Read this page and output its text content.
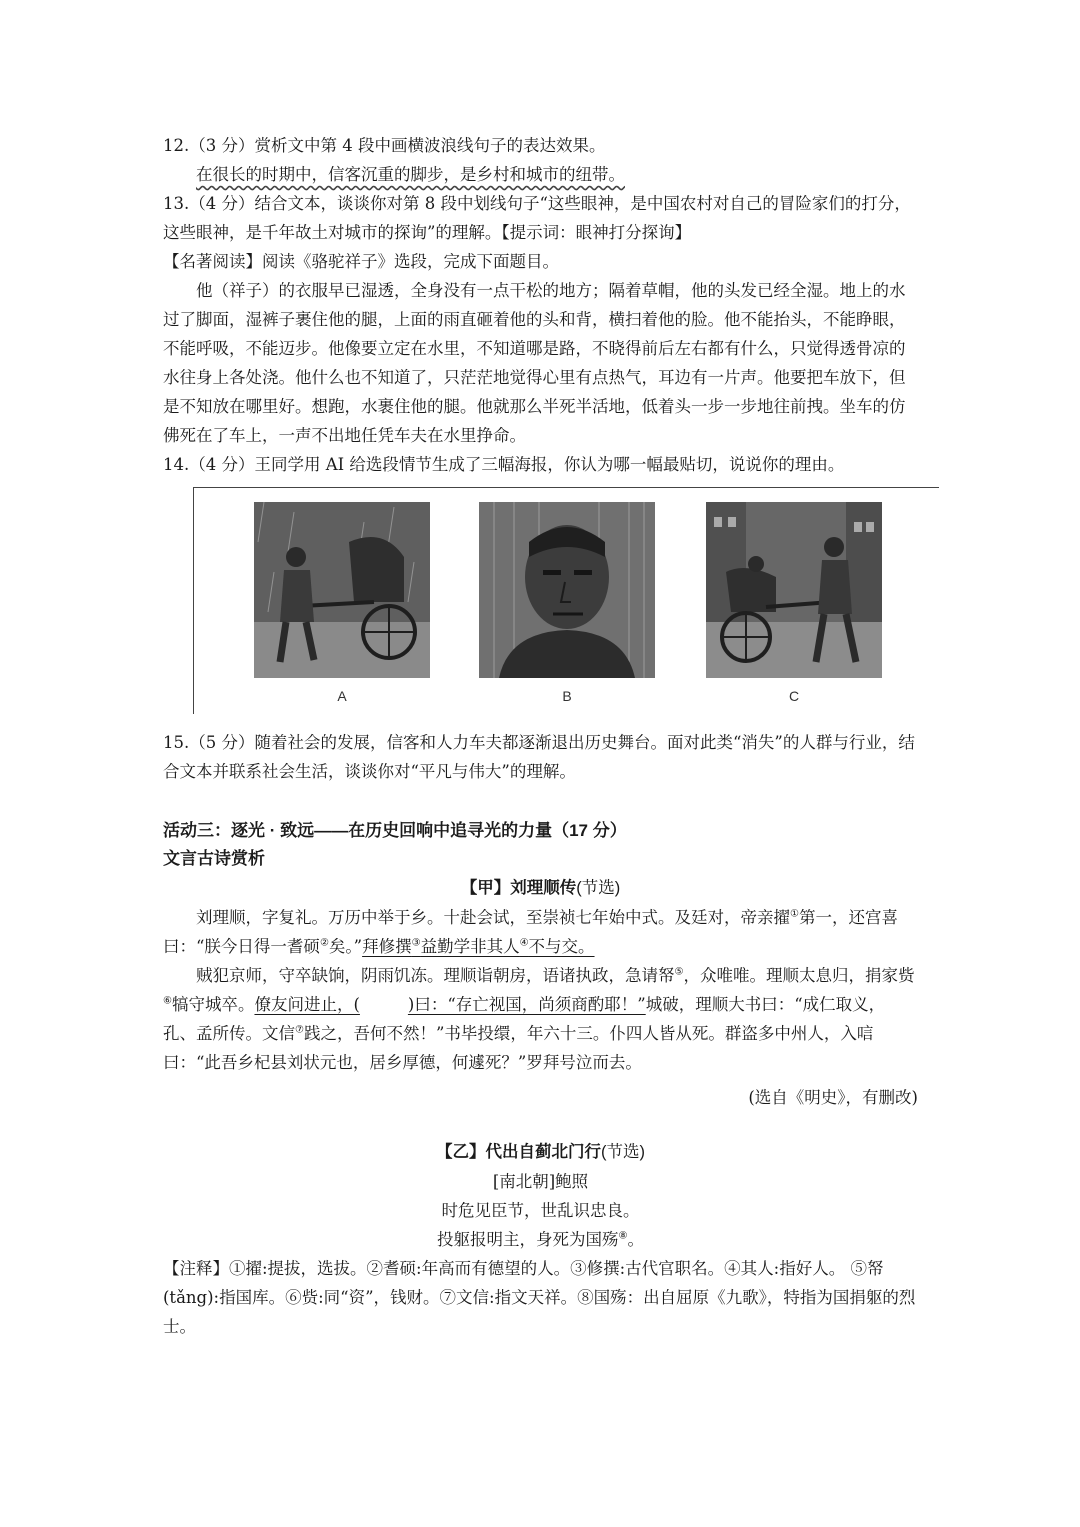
12.（3 分）赏析文中第 4 段中画横波浪线句子的表达效果。

在很长的时期中，信客沉重的脚步，是乡村和城市的纽带。

13.（4 分）结合文本，谈谈你对第 8 段中划线句子“这些眼神，是中国农村对自己的冒险家们的打分，这些眼神，是千年故土对城市的探询”的理解。【提示词：眼神打分探询】

【名著阅读】阅读《骆驼祥子》选段，完成下面题目。

他（祥子）的衣服早已湿透，全身没有一点干松的地方；隔着草帽，他的头发已经全湿。地上的水过了脚面，湿裤子裹住他的腿，上面的雨直砸着他的头和背，横扫着他的脸。他不能抬头，不能睁眼，不能呼吸，不能迈步。他像要立定在水里，不知道哪是路，不晓得前后左右都有什么，只觉得透骨凉的水往身上各处浇。他什么也不知道了，只茫茫地觉得心里有点热气，耳边有一片声。他要把车放下，但是不知放在哪里好。想跑，水裹住他的腿。他就那么半死半活地，低着头一步一步地往前拽。坐车的仿佛死在了车上，一声不出地任凭车夫在水里挣命。

14.（4 分）王同学用 AI 给选段情节生成了三幅海报，你认为哪一幅最贴切，说说你的理由。

A	B	C

15.（5 分）随着社会的发展，信客和人力车夫都逐渐退出历史舞台。面对此类“消失”的人群与行业，结合文本并联系社会生活，谈谈你对“平凡与伟大”的理解。

活动三：逐光 · 致远——在历史回响中追寻光的力量（17 分）

文言古诗赏析

【甲】刘理顺传(节选)

刘理顺，字复礼。万历中举于乡。十赴会试，至崇祯七年始中式。及廷对，帝亲擢①第一，还宫喜曰：“朕今日得一耆硕②矣。”拜修撰③益勤学非其人④不与交。

贼犯京师，守卒缺饷，阴雨饥冻。理顺诣朝房，语诸执政，急请帑⑤，众唯唯。理顺太息归，捐家赀⑥犒守城卒。僚友问进止，(	)曰：“存亡视国，尚须商酌耶！”城破，理顺大书曰：“成仁取义，孔、孟所传。文信⑦践之，吾何不然！”书毕投缳，年六十三。仆四人皆从死。群盗多中州人，入唁曰：“此吾乡杞县刘状元也，居乡厚德，何遽死？”罗拜号泣而去。

(选自《明史》，有删改)

【乙】代出自蓟北门行(节选)

[南北朝]鲍照

时危见臣节，世乱识忠良。

投躯报明主，身死为国殇⑧。

【注释】①擢:提拔，选拔。②耆硕:年高而有德望的人。③修撰:古代官职名。④其人:指好人。 ⑤帑(tǎng):指国库。⑥赀:同“资”，钱财。⑦文信:指文天祥。⑧国殇：出自屈原《九歌》，特指为国捐躯的烈士。
